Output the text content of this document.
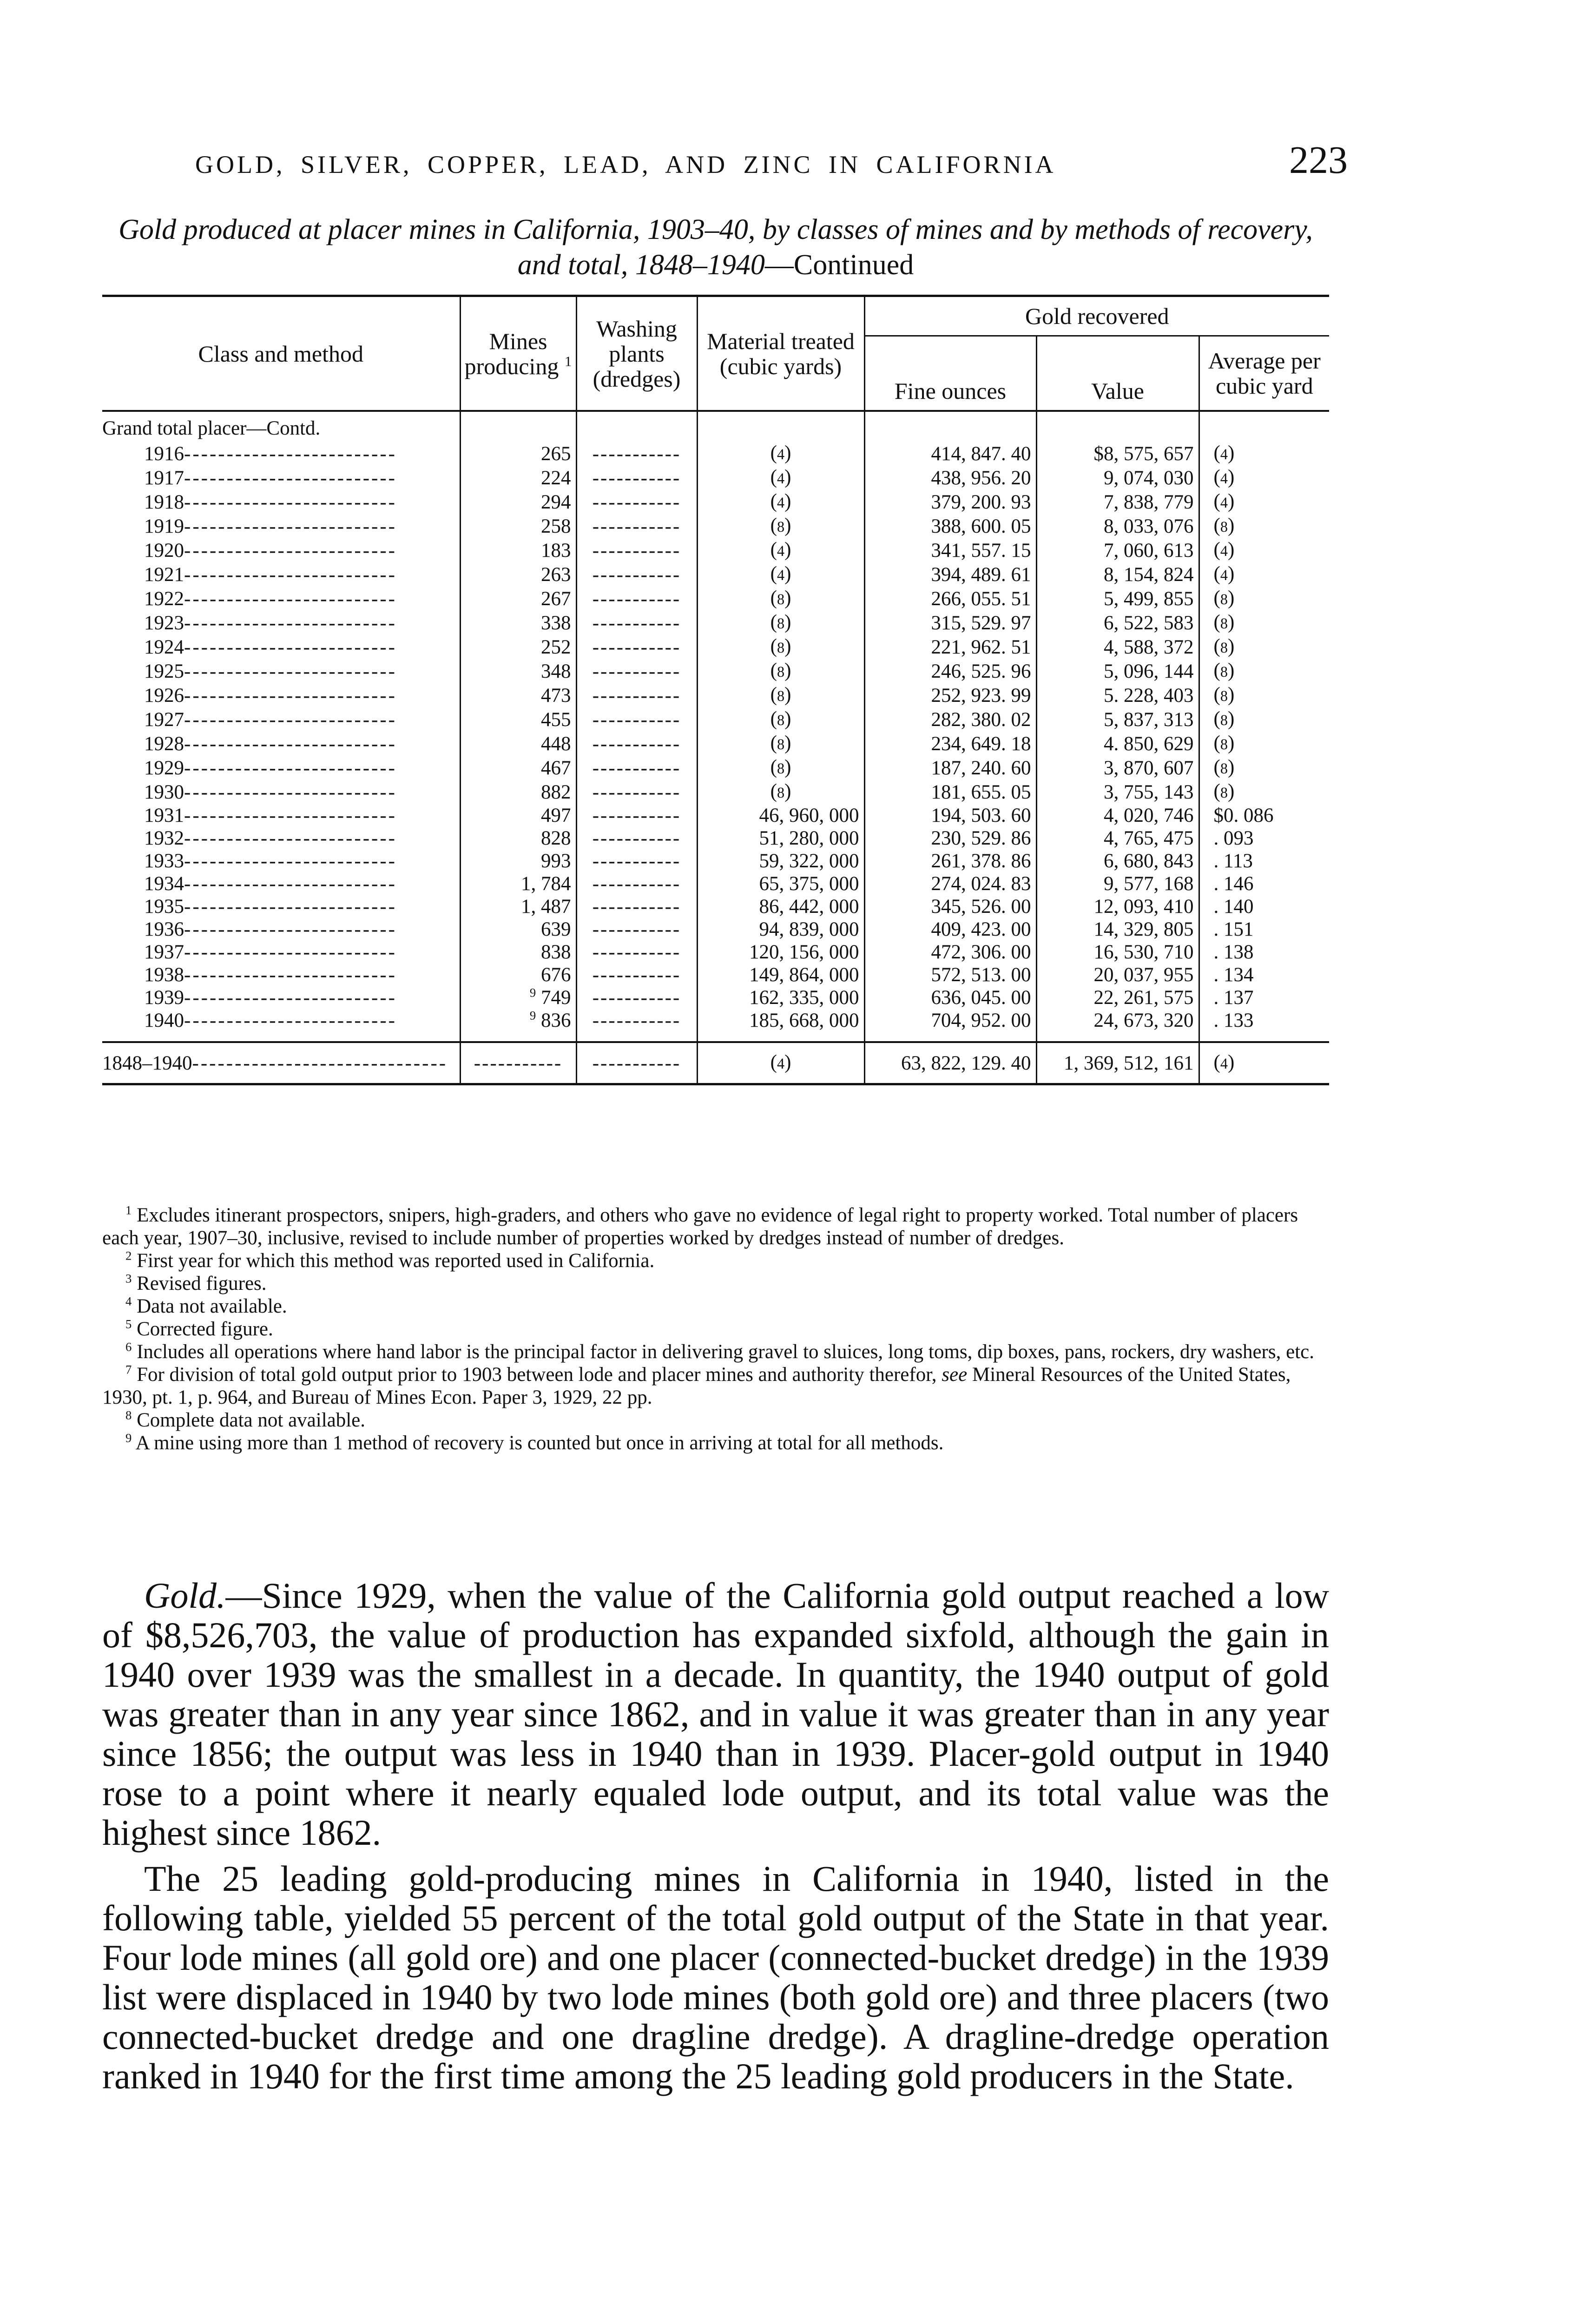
GOLD, SILVER, COPPER, LEAD, AND ZINC IN CALIFORNIA	223
Gold produced at placer mines in California, 1903–40, by classes of mines and by methods of recovery, and total, 1848–1940—Continued
Class and method	Mines producing $^1$	Washing plants (dredges)	Material treated (cubic yards)	Gold recovered		
				Fine ounces	Value	Average per cubic yard
Grand total placer—Contd.						
1916-------------------------	265	-----------	(4)	414, 847. 40	$8, 575, 657	(4)
1917-------------------------	224	-----------	(4)	438, 956. 20	9, 074, 030	(4)
1918-------------------------	294	-----------	(4)	379, 200. 93	7, 838, 779	(4)
1919-------------------------	258	-----------	(8)	388, 600. 05	8, 033, 076	(8)
1920-------------------------	183	-----------	(4)	341, 557. 15	7, 060, 613	(4)
1921-------------------------	263	-----------	(4)	394, 489. 61	8, 154, 824	(4)
1922-------------------------	267	-----------	(8)	266, 055. 51	5, 499, 855	(8)
1923-------------------------	338	-----------	(8)	315, 529. 97	6, 522, 583	(8)
1924-------------------------	252	-----------	(8)	221, 962. 51	4, 588, 372	(8)
1925-------------------------	348	-----------	(8)	246, 525. 96	5, 096, 144	(8)
1926-------------------------	473	-----------	(8)	252, 923. 99	5. 228, 403	(8)
1927-------------------------	455	-----------	(8)	282, 380. 02	5, 837, 313	(8)
1928-------------------------	448	-----------	(8)	234, 649. 18	4. 850, 629	(8)
1929-------------------------	467	-----------	(8)	187, 240. 60	3, 870, 607	(8)
1930-------------------------	882	-----------	(8)	181, 655. 05	3, 755, 143	(8)
1931-------------------------	497	-----------	46, 960, 000	194, 503. 60	4, 020, 746	$0. 086
1932-------------------------	828	-----------	51, 280, 000	230, 529. 86	4, 765, 475	. 093
1933-------------------------	993	-----------	59, 322, 000	261, 378. 86	6, 680, 843	. 113
1934-------------------------	1, 784	-----------	65, 375, 000	274, 024. 83	9, 577, 168	. 146
1935-------------------------	1, 487	-----------	86, 442, 000	345, 526. 00	12, 093, 410	. 140
1936-------------------------	639	-----------	94, 839, 000	409, 423. 00	14, 329, 805	. 151
1937-------------------------	838	-----------	120, 156, 000	472, 306. 00	16, 530, 710	. 138
1938-------------------------	676	-----------	149, 864, 000	572, 513. 00	20, 037, 955	. 134
1939-------------------------	$^9$ 749	-----------	162, 335, 000	636, 045. 00	22, 261, 575	. 137
1940-------------------------	$^9$ 836	-----------	185, 668, 000	704, 952. 00	24, 673, 320	. 133
1848–1940------------------------------	-----------	-----------	(4)	63, 822, 129. 40	1, 369, 512, 161	(4)

$^1$ Excludes itinerant prospectors, snipers, high-graders, and others who gave no evidence of legal right to property worked. Total number of placers each year, 1907–30, inclusive, revised to include number of properties worked by dredges instead of number of dredges.

$^2$ First year for which this method was reported used in California.

$^3$ Revised figures.

$^4$ Data not available.

$^5$ Corrected figure.

$^6$ Includes all operations where hand labor is the principal factor in delivering gravel to sluices, long toms, dip boxes, pans, rockers, dry washers, etc.

$^7$ For division of total gold output prior to 1903 between lode and placer mines and authority therefor, see Mineral Resources of the United States, 1930, pt. 1, p. 964, and Bureau of Mines Econ. Paper 3, 1929, 22 pp.

$^8$ Complete data not available.

$^9$ A mine using more than 1 method of recovery is counted but once in arriving at total for all methods.

Gold.—Since 1929, when the value of the California gold output reached a low of $8,526,703, the value of production has expanded sixfold, although the gain in 1940 over 1939 was the smallest in a decade. In quantity, the 1940 output of gold was greater than in any year since 1862, and in value it was greater than in any year since 1856; the output was less in 1940 than in 1939. Placer-gold output in 1940 rose to a point where it nearly equaled lode output, and its total value was the highest since 1862.

The 25 leading gold-producing mines in California in 1940, listed in the following table, yielded 55 percent of the total gold output of the State in that year. Four lode mines (all gold ore) and one placer (connected-bucket dredge) in the 1939 list were displaced in 1940 by two lode mines (both gold ore) and three placers (two connected-bucket dredge and one dragline dredge). A dragline-dredge operation ranked in 1940 for the first time among the 25 leading gold producers in the State.
